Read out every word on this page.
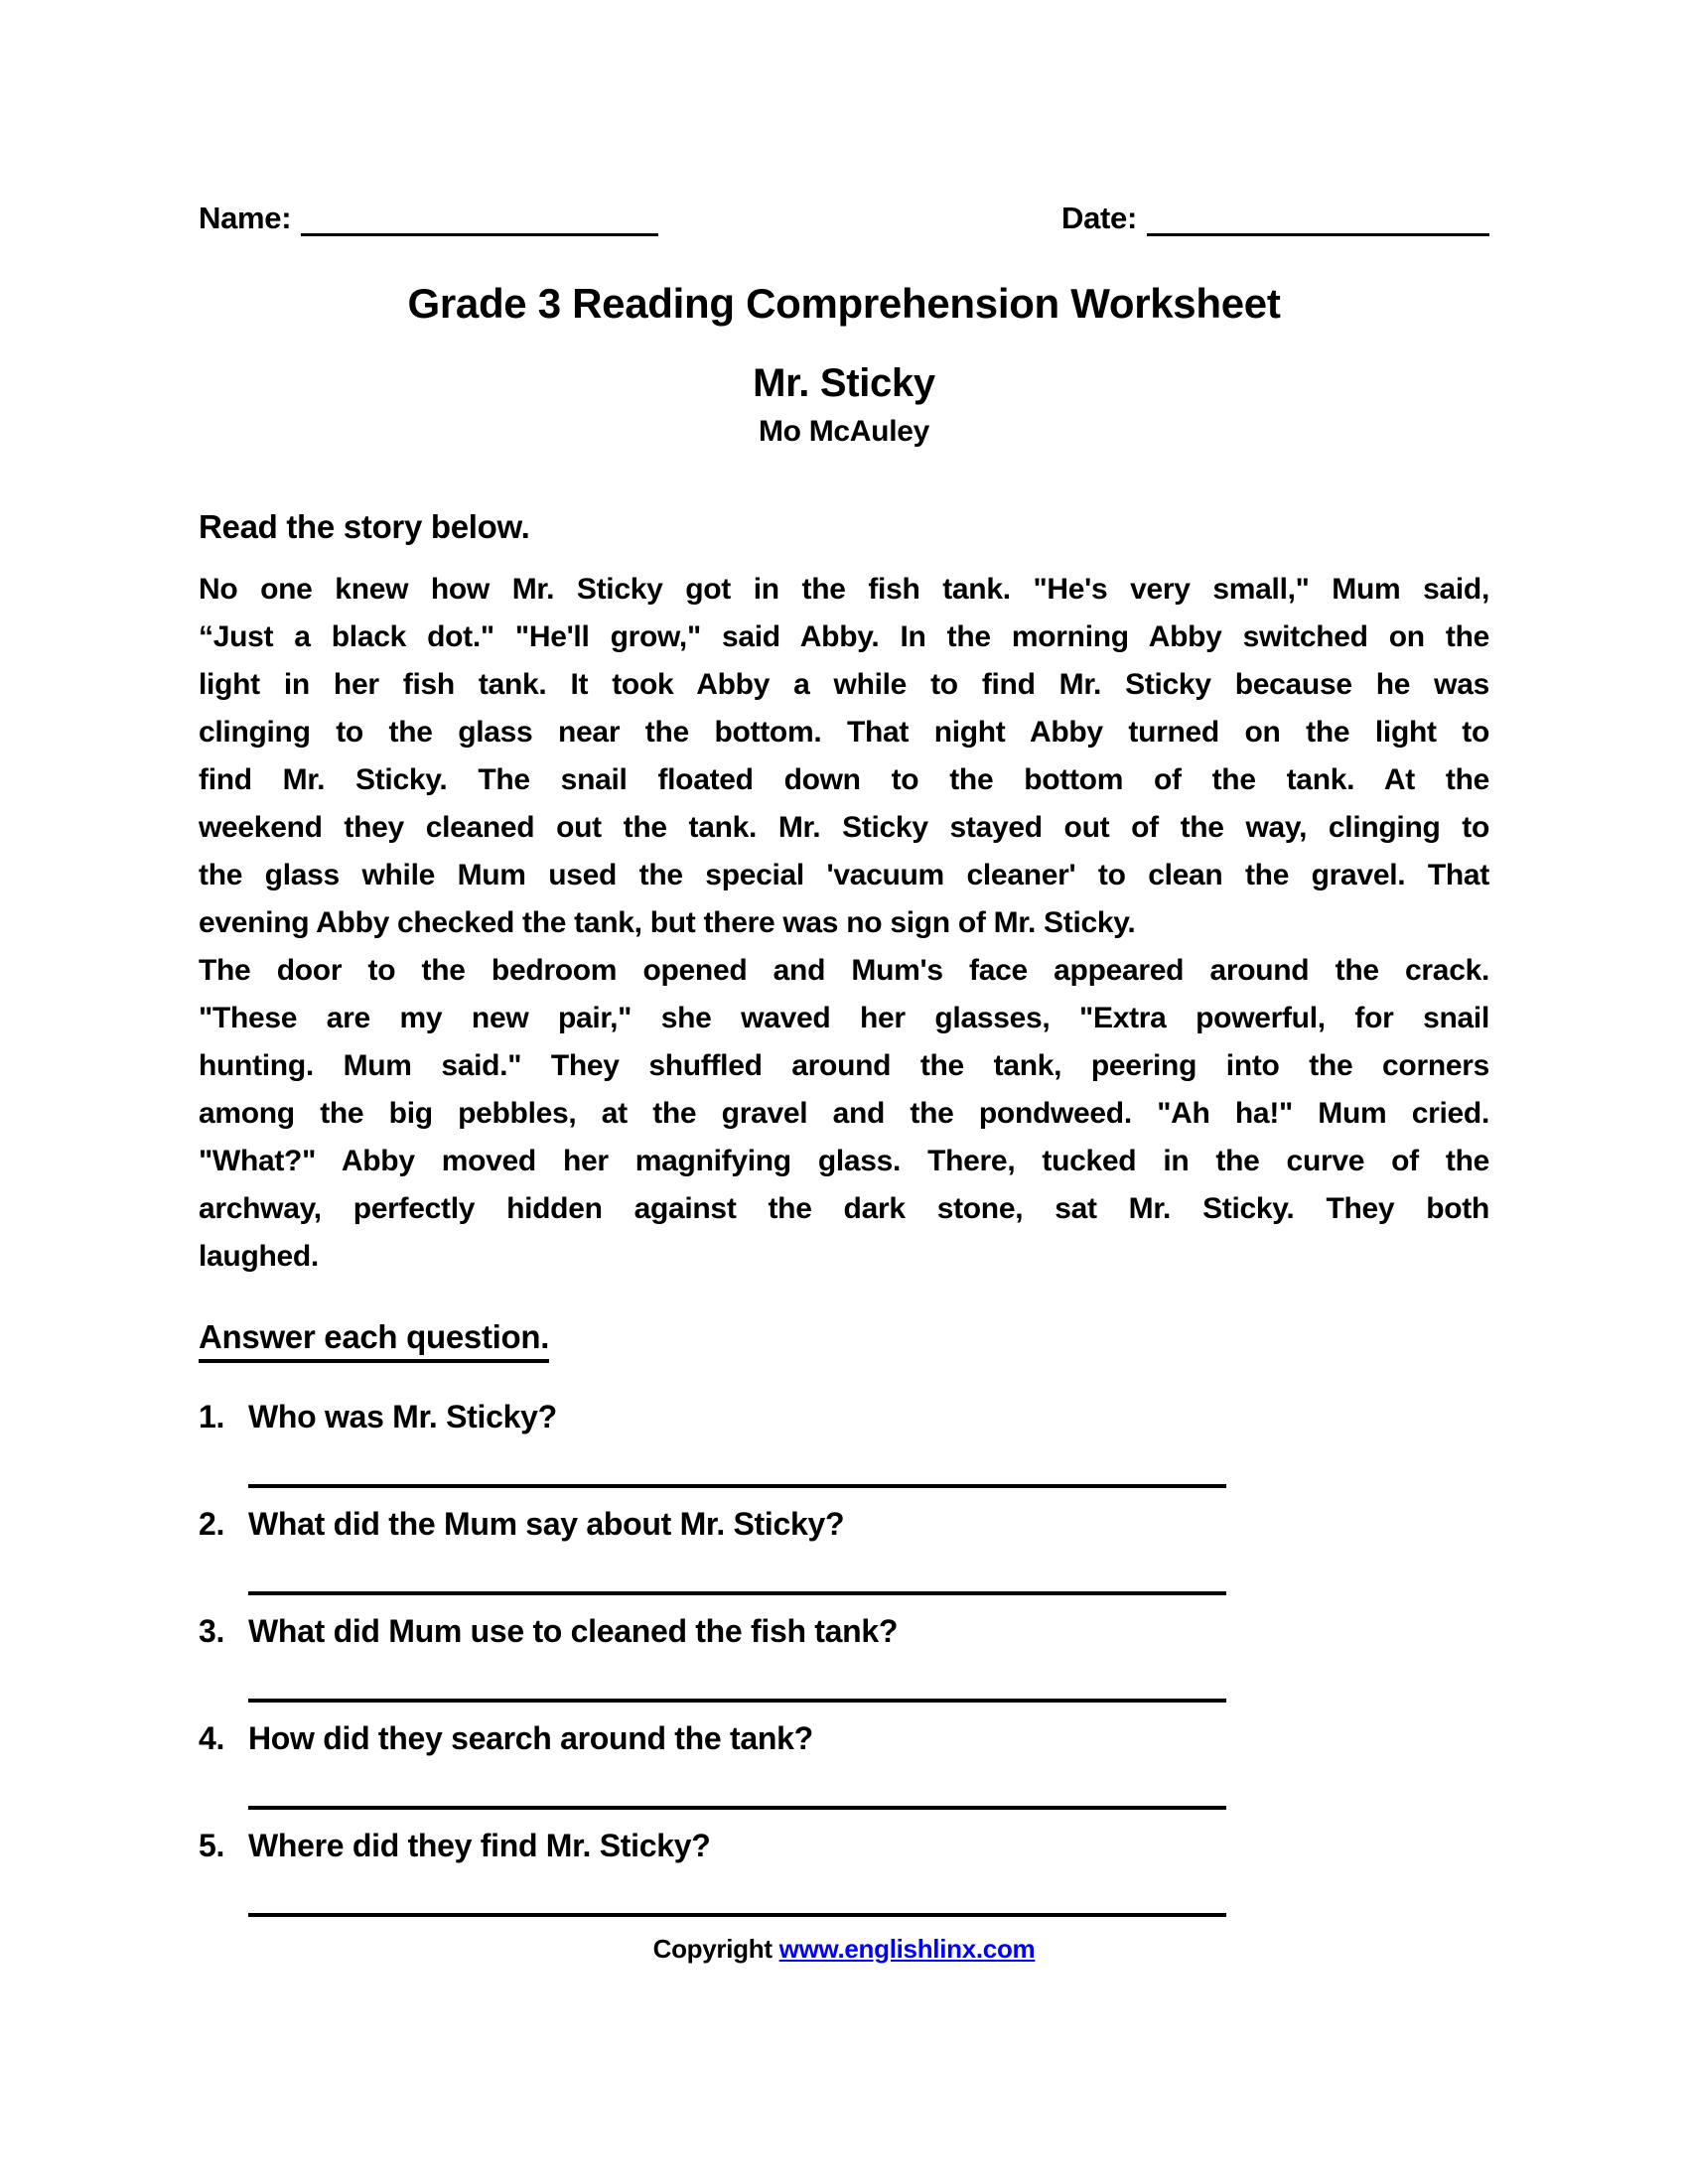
Name:	Date:
Grade 3 Reading Comprehension Worksheet
Mr. Sticky
Mo McAuley
Read the story below.
No one knew how Mr. Sticky got in the fish tank. "He's very small," Mum said,
“Just a black dot." "He'll grow," said Abby. In the morning Abby switched on the
light in her fish tank. It took Abby a while to find Mr. Sticky because he was
clinging to the glass near the bottom. That night Abby turned on the light to
find Mr. Sticky. The snail floated down to the bottom of the tank. At the
weekend they cleaned out the tank. Mr. Sticky stayed out of the way, clinging to
the glass while Mum used the special 'vacuum cleaner' to clean the gravel. That
evening Abby checked the tank, but there was no sign of Mr. Sticky.
The door to the bedroom opened and Mum's face appeared around the crack.
"These are my new pair," she waved her glasses, "Extra powerful, for snail
hunting. Mum said." They shuffled around the tank, peering into the corners
among the big pebbles, at the gravel and the pondweed. "Ah ha!" Mum cried.
"What?" Abby moved her magnifying glass. There, tucked in the curve of the
archway, perfectly hidden against the dark stone, sat Mr. Sticky. They both
laughed.
Answer each question.
1. Who was Mr. Sticky?
2. What did the Mum say about Mr. Sticky?
3. What did Mum use to cleaned the fish tank?
4. How did they search around the tank?
5. Where did they find Mr. Sticky?
Copyright www.englishlinx.com
